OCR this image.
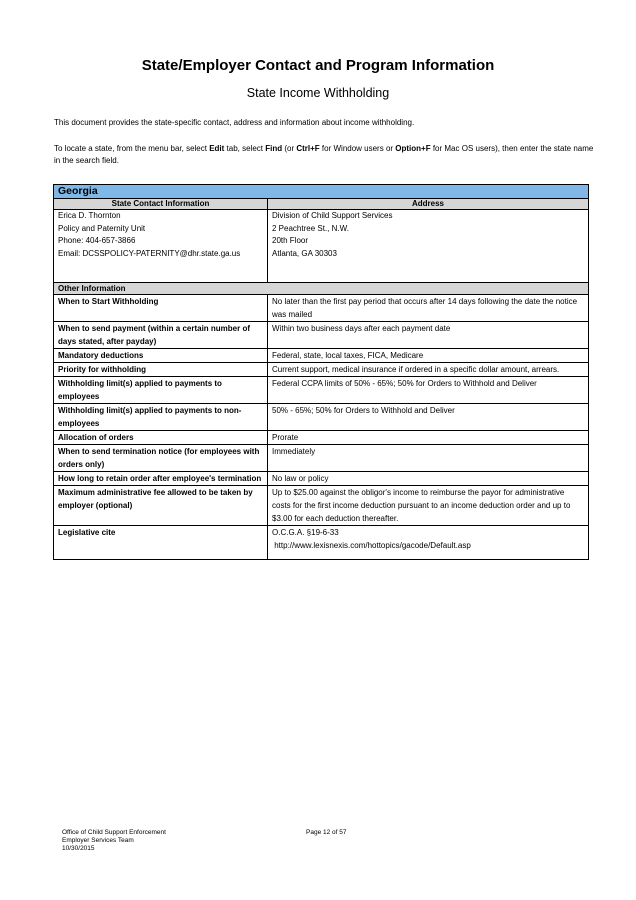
State/Employer Contact and Program Information
State Income Withholding
This document provides the state-specific contact, address and information about income withholding.
To locate a state, from the menu bar, select Edit tab, select Find (or Ctrl+F for Window users or Option+F for Mac OS users), then enter the state name in the search field.
Georgia	
State Contact Information	Address

Erica D. Thornton
Policy and Paternity Unit
Phone: 404-657-3866
Email: DCSSPOLICY-PATERNITY@dhr.state.ga.us	Division of Child Support Services
2 Peachtree St., N.W.
20th Floor
Atlanta, GA 30303

Other Information	
When to Start Withholding	No later than the first pay period that occurs after 14 days following the date the notice was mailed
When to send payment (within a certain number of days stated, after payday)	Within two business days after each payment date
Mandatory deductions	Federal, state, local taxes, FICA, Medicare
Priority for withholding	Current support, medical insurance if ordered in a specific dollar amount, arrears.
Withholding limit(s) applied to payments to employees	Federal CCPA limits of 50% - 65%; 50% for Orders to Withhold and Deliver
Withholding limit(s) applied to payments to non-employees	50% - 65%; 50% for Orders to Withhold and Deliver
Allocation of orders	Prorate
When to send termination notice (for employees with orders only)	Immediately
How long to retain order after employee's termination	No law or policy
Maximum administrative fee allowed to be taken by employer (optional)	Up to $25.00 against the obligor's income to reimburse the payor for administrative costs for the first income deduction pursuant to an income deduction order and up to $3.00 for each deduction thereafter.
Legislative cite	O.C.G.A. §19-6-33
http://www.lexisnexis.com/hottopics/gacode/Default.asp
Office of Child Support Enforcement
Employer Services Team
10/30/2015
Page 12 of 57
